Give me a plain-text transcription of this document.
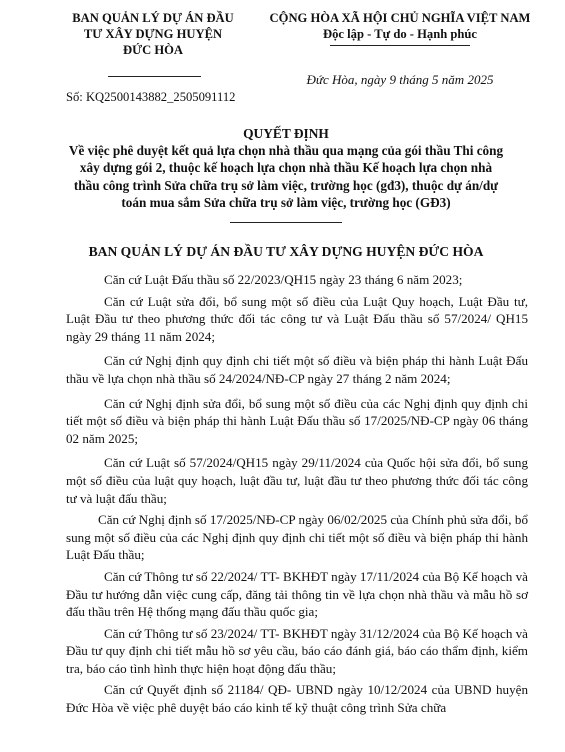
BAN QUẢN LÝ DỰ ÁN ĐẦU
TƯ XÂY DỰNG HUYỆN
ĐỨC HÒA
CỘNG HÒA XÃ HỘI CHỦ NGHĨA VIỆT NAM
Độc lập - Tự do - Hạnh phúc
Đức Hòa, ngày 9 tháng 5 năm 2025
Số: KQ2500143882_2505091112
QUYẾT ĐỊNH
Về việc phê duyệt kết quả lựa chọn nhà thầu qua mạng của gói thầu Thi công xây dựng gói 2, thuộc kế hoạch lựa chọn nhà thầu Kế hoạch lựa chọn nhà thầu công trình Sửa chữa trụ sở làm việc, trường học (gđ3), thuộc dự án/dự toán mua sắm Sửa chữa trụ sở làm việc, trường học (GĐ3)
BAN QUẢN LÝ DỰ ÁN ĐẦU TƯ XÂY DỰNG HUYỆN ĐỨC HÒA

Căn cứ Luật Đấu thầu số 22/2023/QH15 ngày 23 tháng 6 năm 2023;

Căn cứ Luật sửa đổi, bổ sung một số điều của Luật Quy hoạch, Luật Đầu tư, Luật Đầu tư theo phương thức đối tác công tư và Luật Đấu thầu số 57/2024/ QH15 ngày 29 tháng 11 năm 2024;

Căn cứ Nghị định quy định chi tiết một số điều và biện pháp thi hành Luật Đấu thầu về lựa chọn nhà thầu số 24/2024/NĐ-CP ngày 27 tháng 2 năm 2024;

Căn cứ Nghị định sửa đổi, bổ sung một số điều của các Nghị định quy định chi tiết một số điều và biện pháp thi hành Luật Đấu thầu số 17/2025/NĐ-CP ngày 06 tháng 02 năm 2025;

Căn cứ Luật số 57/2024/QH15 ngày 29/11/2024 của Quốc hội sửa đổi, bổ sung một số điều của luật quy hoạch, luật đầu tư, luật đầu tư theo phương thức đối tác công tư và luật đấu thầu;

Căn cứ Nghị định số 17/2025/NĐ-CP ngày 06/02/2025 của Chính phủ sửa đổi, bổ sung một số điều của các Nghị định quy định chi tiết một số điều và biện pháp thi hành Luật Đấu thầu;

Căn cứ Thông tư số 22/2024/ TT- BKHĐT ngày 17/11/2024 của Bộ Kế hoạch và Đầu tư hướng dẫn việc cung cấp, đăng tải thông tin về lựa chọn nhà thầu và mẫu hồ sơ đấu thầu trên Hệ thống mạng đấu thầu quốc gia;

Căn cứ Thông tư số 23/2024/ TT- BKHĐT ngày 31/12/2024 của Bộ Kế hoạch và Đầu tư quy định chi tiết mẫu hồ sơ yêu cầu, báo cáo đánh giá, báo cáo thẩm định, kiểm tra, báo cáo tình hình thực hiện hoạt động đấu thầu;

Căn cứ Quyết định số 21184/ QĐ- UBND ngày 10/12/2024 của UBND huyện Đức Hòa về việc phê duyệt báo cáo kinh tế kỹ thuật công trình Sửa chữa
